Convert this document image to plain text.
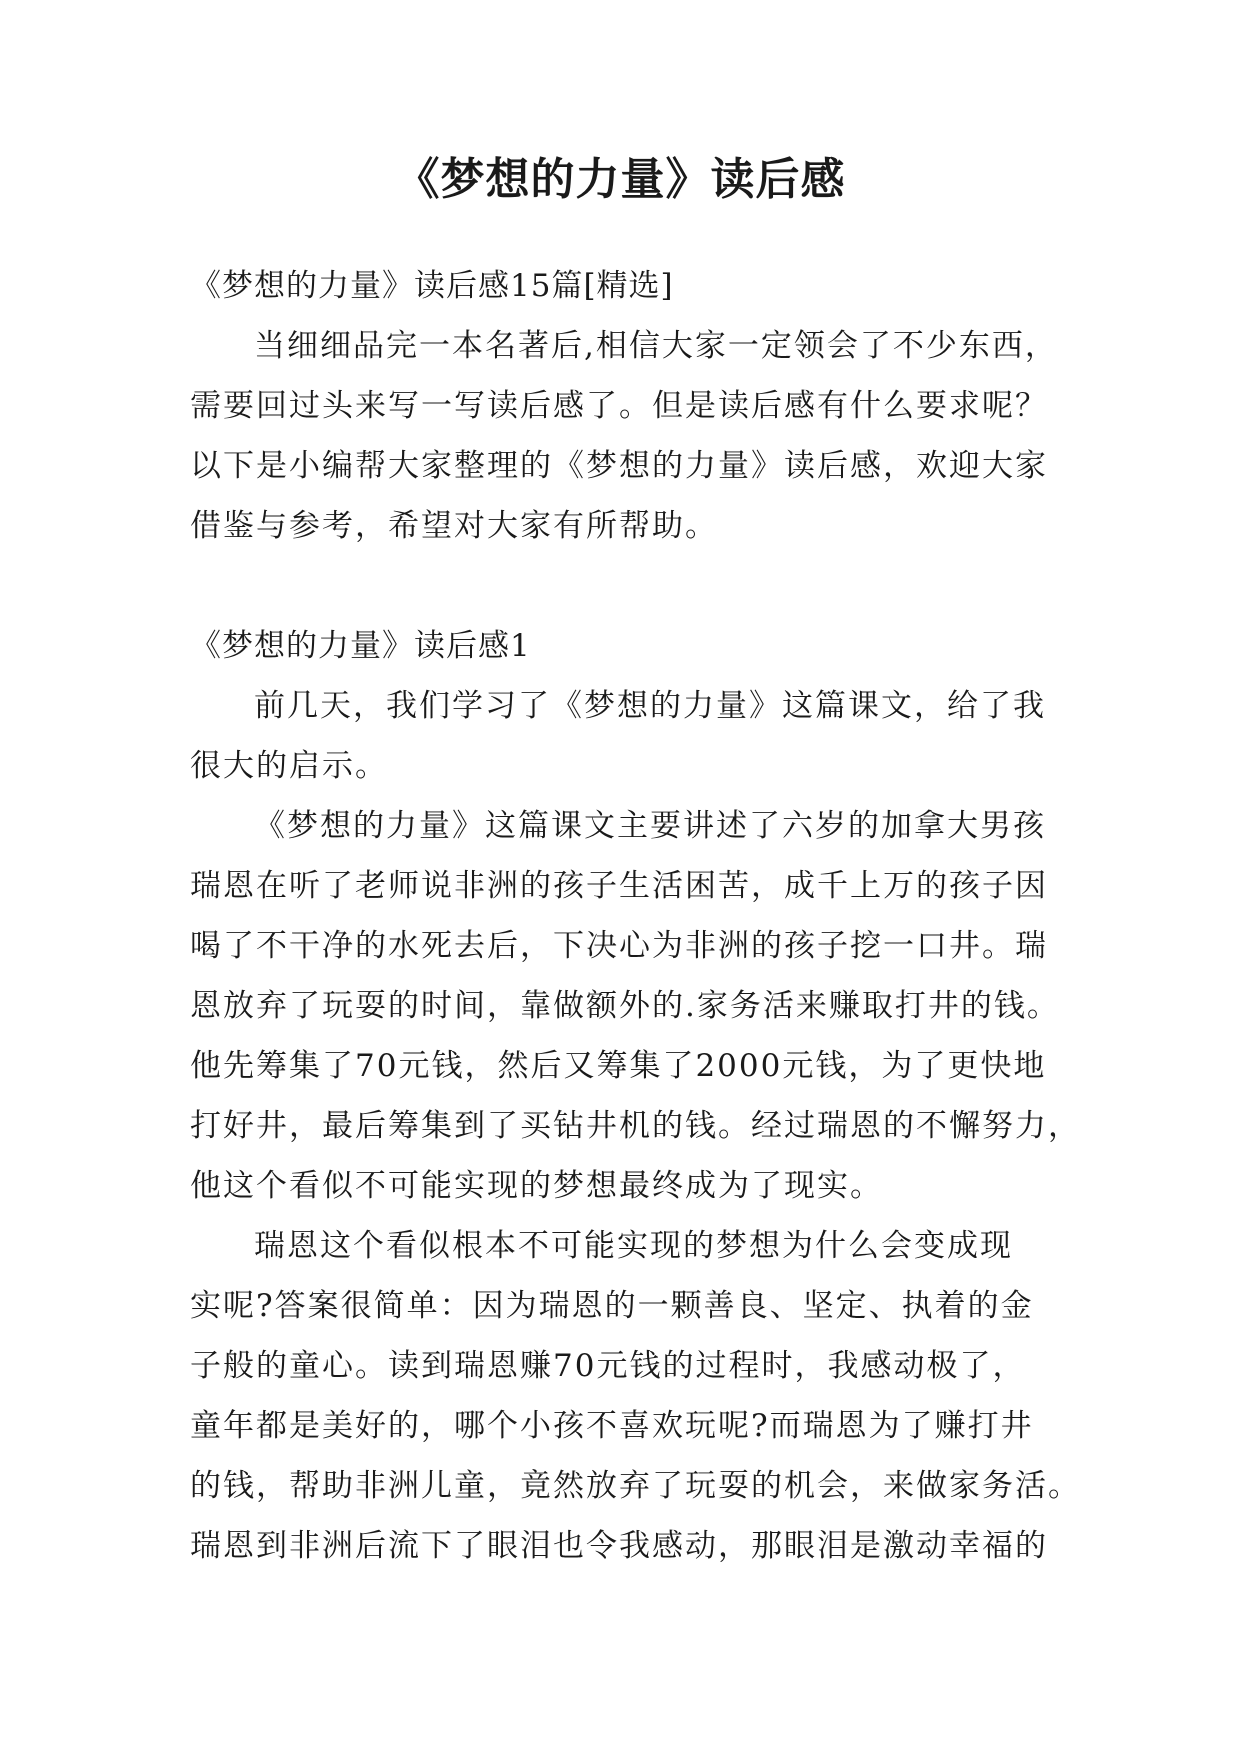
《梦想的力量》读后感

《梦想的力量》读后感15篇[精选]

当细细品完一本名著后,相信大家一定领会了不少东西，

需要回过头来写一写读后感了。但是读后感有什么要求呢？

以下是小编帮大家整理的《梦想的力量》读后感，欢迎大家

借鉴与参考，希望对大家有所帮助。

《梦想的力量》读后感1

前几天，我们学习了《梦想的力量》这篇课文，给了我

很大的启示。

《梦想的力量》这篇课文主要讲述了六岁的加拿大男孩

瑞恩在听了老师说非洲的孩子生活困苦，成千上万的孩子因

喝了不干净的水死去后，下决心为非洲的孩子挖一口井。瑞

恩放弃了玩耍的时间，靠做额外的.家务活来赚取打井的钱。

他先筹集了70元钱，然后又筹集了2000元钱，为了更快地

打好井，最后筹集到了买钻井机的钱。经过瑞恩的不懈努力，

他这个看似不可能实现的梦想最终成为了现实。

瑞恩这个看似根本不可能实现的梦想为什么会变成现

实呢?答案很简单：因为瑞恩的一颗善良、坚定、执着的金

子般的童心。读到瑞恩赚70元钱的过程时，我感动极了，

童年都是美好的，哪个小孩不喜欢玩呢?而瑞恩为了赚打井

的钱，帮助非洲儿童，竟然放弃了玩耍的机会，来做家务活。

瑞恩到非洲后流下了眼泪也令我感动，那眼泪是激动幸福的
